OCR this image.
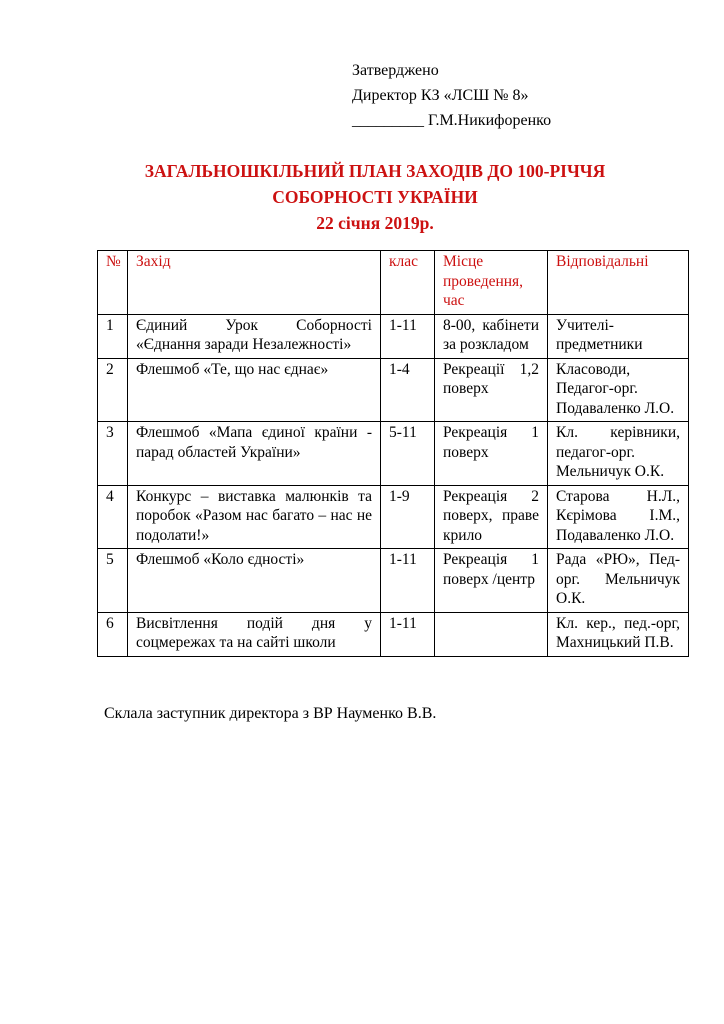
Затверджено
Директор КЗ «ЛСШ № 8»
_________ Г.М.Никифоренко
ЗАГАЛЬНОШКІЛЬНИЙ ПЛАН ЗАХОДІВ ДО 100-РІЧЧЯ
СОБОРНОСТІ УКРАЇНИ
22 січня 2019р.
№	Захід	клас	Місце проведення, час	Відповідальні
1	Єдиний Урок Соборності «Єднання заради Незалежності»	1-11	8-00, кабінети за розкладом	Учителі-предметники
2	Флешмоб «Те, що нас єднає»	1-4	Рекреації 1,2 поверх	Класоводи, Педагог-орг. Подаваленко Л.О.
3	Флешмоб «Мапа єдиної країни - парад областей України»	5-11	Рекреація 1 поверх	Кл. керівники, педагог-орг. Мельничук О.К.
4	Конкурс – виставка малюнків та поробок «Разом нас багато – нас не подолати!»	1-9	Рекреація 2 поверх, праве крило	Старова Н.Л., Кєрімова І.М., Подаваленко Л.О.
5	Флешмоб «Коло єдності»	1-11	Рекреація 1 поверх /центр	Рада «РЮ», Пед-орг. Мельничук О.К.
6	Висвітлення подій дня у соцмережах та на сайті школи	1-11		Кл. кер., пед.-орг, Махницький П.В.
Склала заступник директора з ВР Науменко В.В.
